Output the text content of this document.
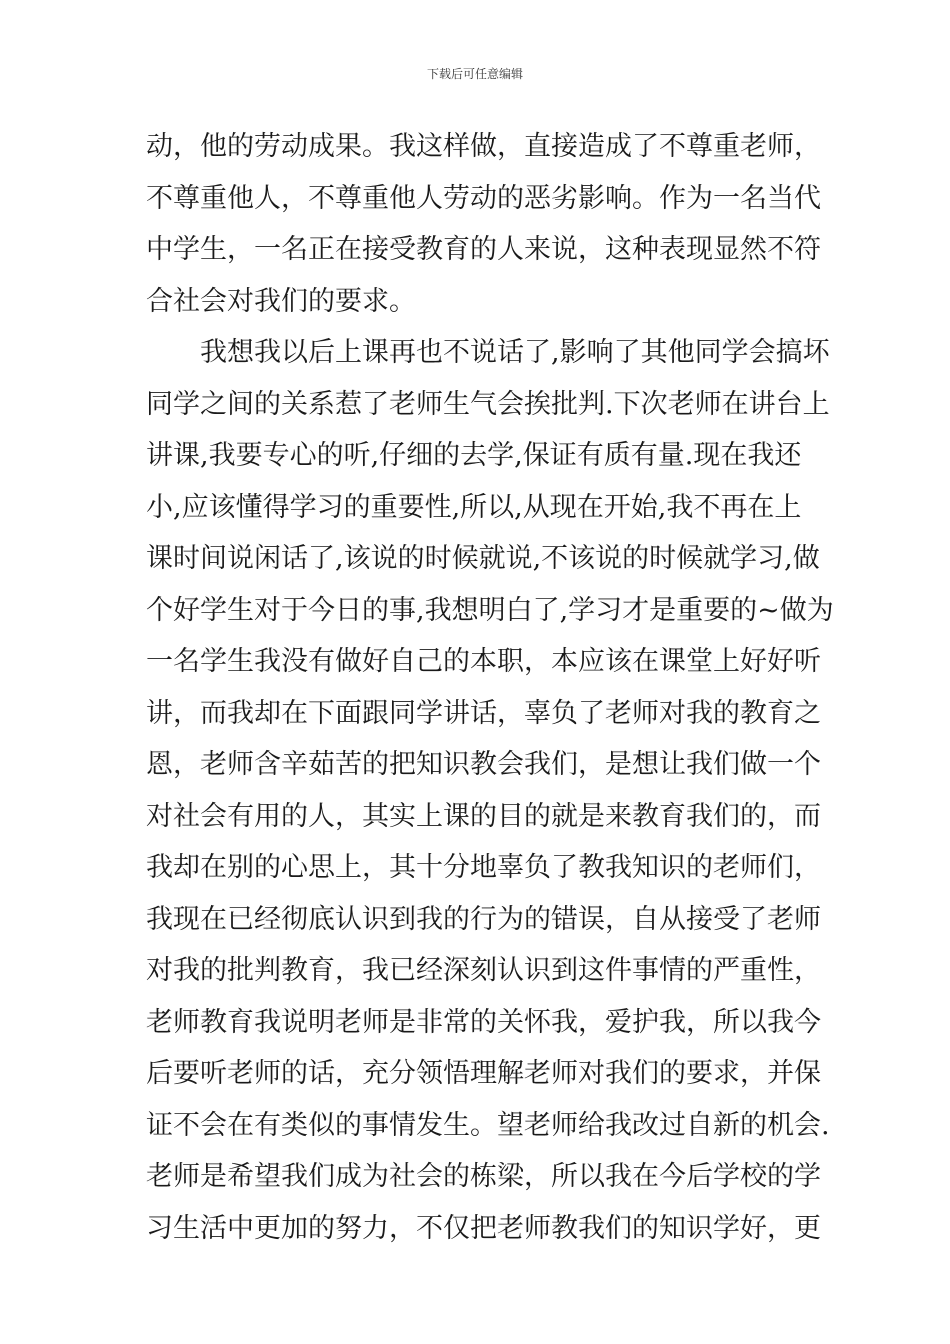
下载后可任意编辑
动，他的劳动成果。我这样做，直接造成了不尊重老师，
不尊重他人，不尊重他人劳动的恶劣影响。作为一名当代
中学生，一名正在接受教育的人来说，这种表现显然不符
合社会对我们的要求。
　　我想我以后上课再也不说话了,影响了其他同学会搞坏
同学之间的关系惹了老师生气会挨批判.下次老师在讲台上
讲课,我要专心的听,仔细的去学,保证有质有量.现在我还
小,应该懂得学习的重要性,所以,从现在开始,我不再在上
课时间说闲话了,该说的时候就说,不该说的时候就学习,做
个好学生对于今日的事,我想明白了,学习才是重要的~做为
一名学生我没有做好自己的本职，本应该在课堂上好好听
讲，而我却在下面跟同学讲话，辜负了老师对我的教育之
恩，老师含辛茹苦的把知识教会我们，是想让我们做一个
对社会有用的人，其实上课的目的就是来教育我们的，而
我却在别的心思上，其十分地辜负了教我知识的老师们，
我现在已经彻底认识到我的行为的错误，自从接受了老师
对我的批判教育，我已经深刻认识到这件事情的严重性，
老师教育我说明老师是非常的关怀我，爱护我，所以我今
后要听老师的话，充分领悟理解老师对我们的要求，并保
证不会在有类似的事情发生。望老师给我改过自新的机会.
老师是希望我们成为社会的栋梁，所以我在今后学校的学
习生活中更加的努力，不仅把老师教我们的知识学好，更
